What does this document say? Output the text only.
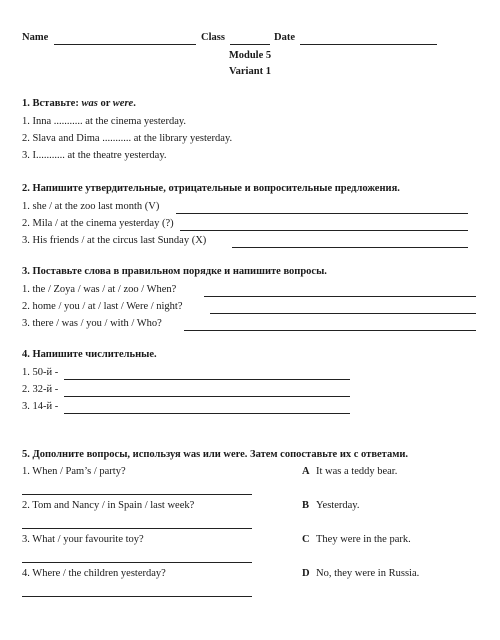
Name	Class	Date
Module 5
Variant 1
1. Вставьте: was or were.
1. Inna ........... at the cinema yesterday.
2. Slava and Dima ........... at the library yesterday.
3. I........... at the theatre yesterday.
2. Напишите утвердительные, отрицательные и вопросительные предложения.
1. she / at the zoo last month (V)
2. Mila / at the cinema yesterday (?)
3. His friends / at the circus last Sunday (X)
3. Поставьте слова в правильном порядке и напишите вопросы.
1. the / Zoya / was / at / zoo / When?
2. home / you / at / last / Were / night?
3. there / was / you / with / Who?
4. Напишите числительные.
1. 50-й -
2. 32-й -
3. 14-й -
5. Дополните вопросы, используя was или were. Затем сопоставьте их с ответами.
1. When / Pam’s / party?	A It was a teddy bear.
2. Tom and Nancy / in Spain / last week?	B Yesterday.
3. What / your favourite toy?	C They were in the park.
4. Where / the children yesterday?	D No, they were in Russia.
